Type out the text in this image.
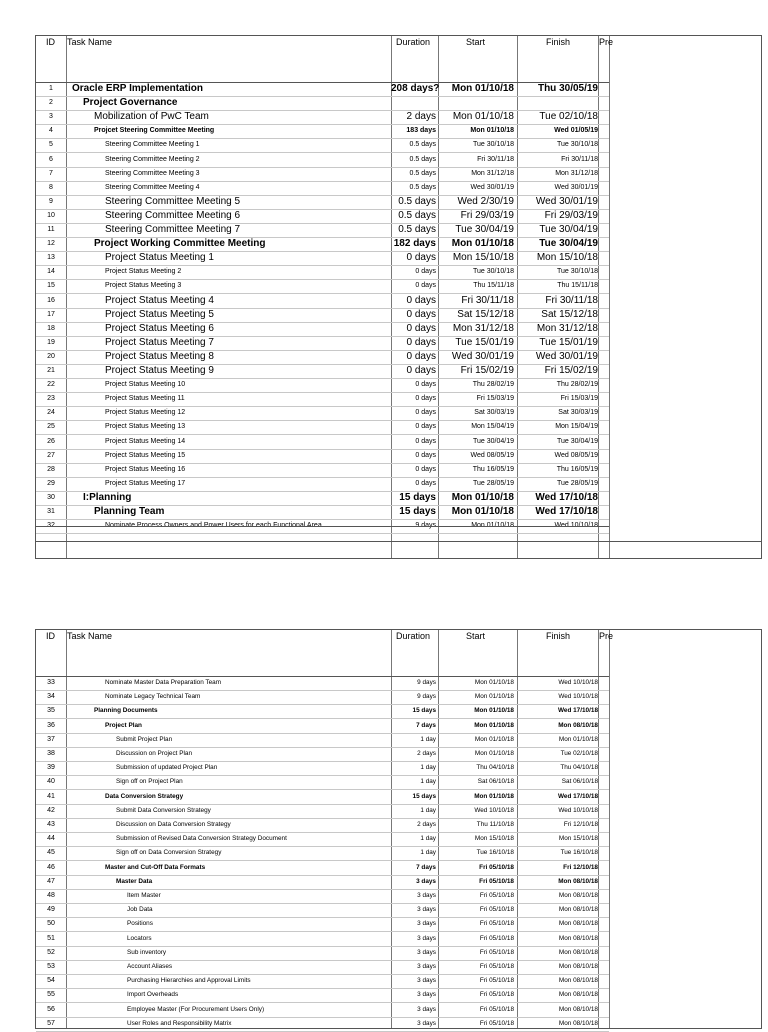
ID Task Name	Duration	Start	Finish	Pre
1	Oracle ERP Implementation	208 days?	Mon 01/10/18	Thu 30/05/19
2	Project Governance
3	Mobilization of PwC Team	2 days	Mon 01/10/18	Tue 02/10/18
4	Projcet Steering Committee Meeting	183 days	Mon 01/10/18	Wed 01/05/19
5	Steering Committee Meeting 1	0.5 days	Tue 30/10/18	Tue 30/10/18
6	Steering Committee Meeting 2	0.5 days	Fri 30/11/18	Fri 30/11/18
7	Steering Committee Meeting 3	0.5 days	Mon 31/12/18	Mon 31/12/18
8	Steering Committee Meeting 4	0.5 days	Wed 30/01/19	Wed 30/01/19
9	Steering Committee Meeting 5	0.5 days	Wed 2/30/19	Wed 30/01/19
10	Steering Committee Meeting 6	0.5 days	Fri 29/03/19	Fri 29/03/19
11	Steering Committee Meeting 7	0.5 days	Tue 30/04/19	Tue 30/04/19
12	Project Working Committee Meeting	182 days	Mon 01/10/18	Tue 30/04/19
13	Project Status Meeting 1	0 days	Mon 15/10/18	Mon 15/10/18
14	Project Status Meeting 2	0 days	Tue 30/10/18	Tue 30/10/18
15	Project Status Meeting 3	0 days	Thu 15/11/18	Thu 15/11/18
16	Project Status Meeting 4	0 days	Fri 30/11/18	Fri 30/11/18
17	Project Status Meeting 5	0 days	Sat 15/12/18	Sat 15/12/18
18	Project Status Meeting 6	0 days	Mon 31/12/18	Mon 31/12/18
19	Project Status Meeting 7	0 days	Tue 15/01/19	Tue 15/01/19
20	Project Status Meeting 8	0 days	Wed 30/01/19	Wed 30/01/19
21	Project Status Meeting 9	0 days	Fri 15/02/19	Fri 15/02/19
22	Project Status Meeting 10	0 days	Thu 28/02/19	Thu 28/02/19
23	Project Status Meeting 11	0 days	Fri 15/03/19	Fri 15/03/19
24	Project Status Meeting 12	0 days	Sat 30/03/19	Sat 30/03/19
25	Project Status Meeting 13	0 days	Mon 15/04/19	Mon 15/04/19
26	Project Status Meeting 14	0 days	Tue 30/04/19	Tue 30/04/19
27	Project Status Meeting 15	0 days	Wed 08/05/19	Wed 08/05/19
28	Project Status Meeting 16	0 days	Thu 16/05/19	Thu 16/05/19
29	Project Status Meeting 17	0 days	Tue 28/05/19	Tue 28/05/19
30	I:Planning	15 days	Mon 01/10/18	Wed 17/10/18
31	Planning Team	15 days	Mon 01/10/18	Wed 17/10/18
32	Nominate Process Owners and Power Users for each Functional Area	9 days	Mon 01/10/18	Wed 10/10/18
ID Task Name	Duration	Start	Finish	Pre
33	Nominate Master Data Preparation Team	9 days	Mon 01/10/18	Wed 10/10/18
34	Nominate Legacy Technical Team	9 days	Mon 01/10/18	Wed 10/10/18
35	Planning Documents	15 days	Mon 01/10/18	Wed 17/10/18
36	Project Plan	7 days	Mon 01/10/18	Mon 08/10/18
37	Submit Project Plan	1 day	Mon 01/10/18	Mon 01/10/18
38	Discussion on Project Plan	2 days	Mon 01/10/18	Tue 02/10/18
39	Submission of updated Project Plan	1 day	Thu 04/10/18	Thu 04/10/18
40	Sign off on Project Plan	1 day	Sat 06/10/18	Sat 06/10/18
41	Data Conversion Strategy	15 days	Mon 01/10/18	Wed 17/10/18
42	Submit Data Conversion Strategy	1 day	Wed 10/10/18	Wed 10/10/18
43	Discussion on Data Conversion Strategy	2 days	Thu 11/10/18	Fri 12/10/18
44	Submission of Revised Data Conversion Strategy Document	1 day	Mon 15/10/18	Mon 15/10/18
45	Sign off on Data Conversion Strategy	1 day	Tue 16/10/18	Tue 16/10/18
46	Master and Cut-Off Data Formats	7 days	Fri 05/10/18	Fri 12/10/18
47	Master Data	3 days	Fri 05/10/18	Mon 08/10/18
48	Item Master	3 days	Fri 05/10/18	Mon 08/10/18
49	Job Data	3 days	Fri 05/10/18	Mon 08/10/18
50	Positions	3 days	Fri 05/10/18	Mon 08/10/18
51	Locators	3 days	Fri 05/10/18	Mon 08/10/18
52	Sub inventory	3 days	Fri 05/10/18	Mon 08/10/18
53	Account Aliases	3 days	Fri 05/10/18	Mon 08/10/18
54	Purchasing Hierarchies and Approval Limits	3 days	Fri 05/10/18	Mon 08/10/18
55	Import Overheads	3 days	Fri 05/10/18	Mon 08/10/18
56	Employee Master (For Procurement Users Only)	3 days	Fri 05/10/18	Mon 08/10/18
57	User Roles and Responsibility Matrix	3 days	Fri 05/10/18	Mon 08/10/18
